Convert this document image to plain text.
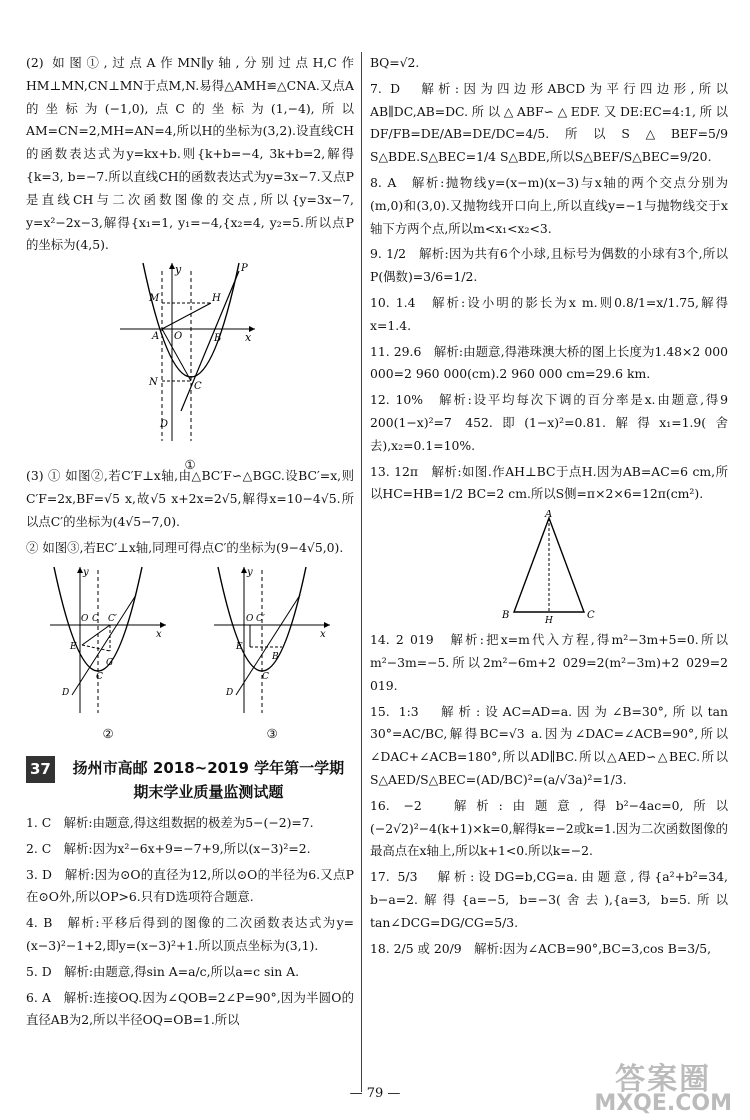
(2) 如图①,过点A作MN∥y轴,分别过点H,C作HM⊥MN,CN⊥MN于点M,N.易得△AMH≌△CNA.又点A的坐标为(−1,0),点C的坐标为(1,−4),所以AM=CN=2,MH=AN=4,所以H的坐标为(3,2).设直线CH的函数表达式为y=kx+b.则{k+b=−4, 3k+b=2,解得{k=3, b=−7.所以直线CH的函数表达式为y=3x−7.又点P是直线CH与二次函数图像的交点,所以{y=3x−7, y=x²−2x−3,解得{x₁=1, y₁=−4,{x₂=4, y₂=5.所以点P的坐标为(4,5).

y
x
M	H
A O	B
N	C
D
P
①

(3) ① 如图②,若C′F⊥x轴,由△BC′F∽△BGC.设BC′=x,则C′F=2x,BF=√5 x,故√5 x+2x=2√5,解得x=10−4√5.所以点C′的坐标为(4√5−7,0).

② 如图③,若EC′⊥x轴,同理可得点C′的坐标为(9−4√5,0).

y
x
O C C′
E
G
C
D
②
y
x
O C′
E
B
C
D
③
37	扬州市高邮 2018~2019 学年第一学期
期末学业质量监测试题

1. C　解析:由题意,得这组数据的极差为5−(−2)=7.

2. C　解析:因为x²−6x+9=−7+9,所以(x−3)²=2.

3. D　解析:因为⊙O的直径为12,所以⊙O的半径为6.又点P在⊙O外,所以OP>6.只有D选项符合题意.

4. B　解析:平移后得到的图像的二次函数表达式为y=(x−3)²−1+2,即y=(x−3)²+1.所以顶点坐标为(3,1).

5. D　解析:由题意,得sin A=a/c,所以a=c sin A.

6. A　解析:连接OQ.因为∠QOB=2∠P=90°,因为半圆O的直径AB为2,所以半径OQ=OB=1.所以

BQ=√2.

7. D　解析:因为四边形ABCD为平行四边形,所以AB∥DC,AB=DC.所以△ABF∽△EDF.又DE:EC=4:1,所以DF/FB=DE/AB=DE/DC=4/5.所以S△BEF=5/9 S△BDE.S△BEC=1/4 S△BDE,所以S△BEF/S△BEC=9/20.

8. A　解析:抛物线y=(x−m)(x−3)与x轴的两个交点分别为(m,0)和(3,0).又抛物线开口向上,所以直线y=−1与抛物线交于x轴下方两个点,所以m<x₁<x₂<3.

9. 1/2　解析:因为共有6个小球,且标号为偶数的小球有3个,所以P(偶数)=3/6=1/2.

10. 1.4　解析:设小明的影长为x m.则0.8/1=x/1.75,解得x=1.4.

11. 29.6　解析:由题意,得港珠澳大桥的图上长度为1.48×2 000 000=2 960 000(cm).2 960 000 cm=29.6 km.

12. 10%　解析:设平均每次下调的百分率是x.由题意,得9 200(1−x)²=7 452.即(1−x)²=0.81.解得x₁=1.9(舍去),x₂=0.1=10%.

13. 12π　解析:如图.作AH⊥BC于点H.因为AB=AC=6 cm,所以HC=HB=1/2 BC=2 cm.所以S侧=π×2×6=12π(cm²).

A
B	C
H

14. 2 019　解析:把x=m代入方程,得m²−3m+5=0.所以m²−3m=−5.所以2m²−6m+2 029=2(m²−3m)+2 029=2 019.

15. 1:3　解析:设AC=AD=a.因为∠B=30°,所以tan 30°=AC/BC,解得BC=√3 a.因为∠DAC=∠ACB=90°,所以∠DAC+∠ACB=180°,所以AD∥BC.所以△AED∽△BEC.所以S△AED/S△BEC=(AD/BC)²=(a/√3a)²=1/3.

16. −2　解析:由题意,得b²−4ac=0,所以(−2√2)²−4(k+1)×k=0,解得k=−2或k=1.因为二次函数图像的最高点在x轴上,所以k+1<0.所以k=−2.

17. 5/3　解析:设DG=b,CG=a.由题意,得{a²+b²=34, b−a=2.解得{a=−5, b=−3(舍去),{a=3, b=5.所以tan∠DCG=DG/CG=5/3.

18. 2/5 或 20/9　解析:因为∠ACB=90°,BC=3,cos B=3/5,

— 79 —	答案圈
MXQE.COM
